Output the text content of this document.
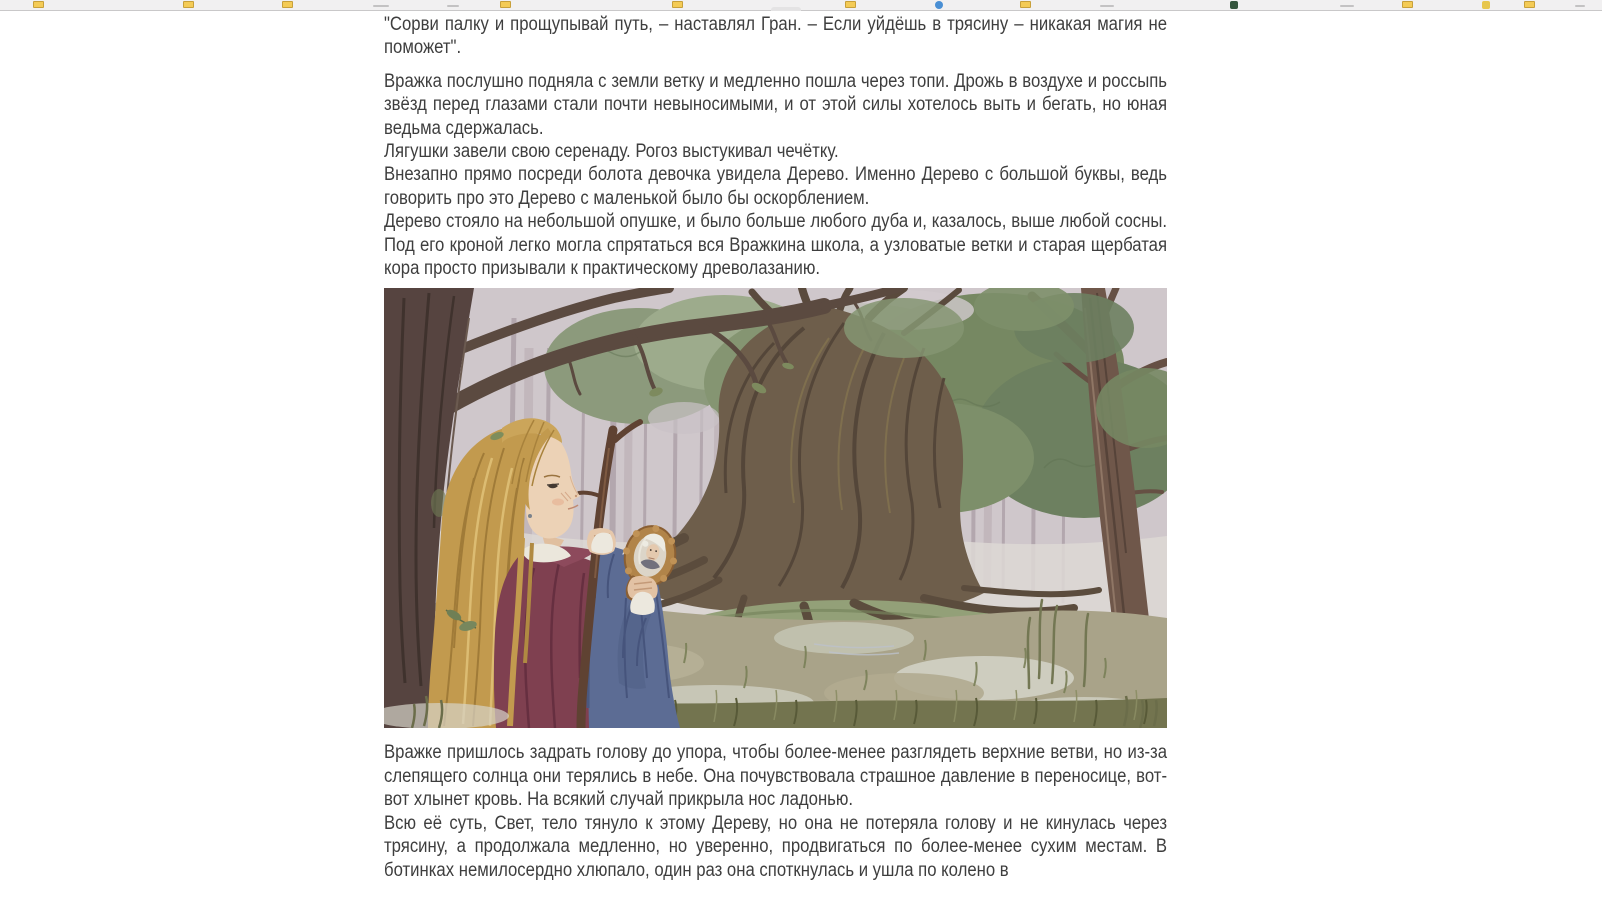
"Сорви палку и прощупывай путь, – наставлял Гран. – Если уйдёшь в трясину – никакая магия не поможет".

Вражка послушно подняла с земли ветку и медленно пошла через топи. Дрожь в воздухе и россыпь звёзд перед глазами стали почти невыносимыми, и от этой силы хотелось выть и бегать, но юная ведьма сдержалась.

Лягушки завели свою серенаду. Рогоз выстукивал чечётку.

Внезапно прямо посреди болота девочка увидела Дерево. Именно Дерево с большой буквы, ведь говорить про это Дерево с маленькой было бы оскорблением.

Дерево стояло на небольшой опушке, и было больше любого дуба и, казалось, выше любой сосны. Под его кроной легко могла спрятаться вся Вражкина школа, а узловатые ветки и старая щербатая кора просто призывали к практическому древолазанию.

Вражке пришлось задрать голову до упора, чтобы более-менее разглядеть верхние ветви, но из-за слепящего солнца они терялись в небе. Она почувствовала страшное давление в переносице, вот-вот хлынет кровь. На всякий случай прикрыла нос ладонью.

Всю её суть, Свет, тело тянуло к этому Дереву, но она не потеряла голову и не кинулась через трясину, а продолжала медленно, но уверенно, продвигаться по более-менее сухим местам. В ботинках немилосердно хлюпало, один раз она споткнулась и ушла по колено в
